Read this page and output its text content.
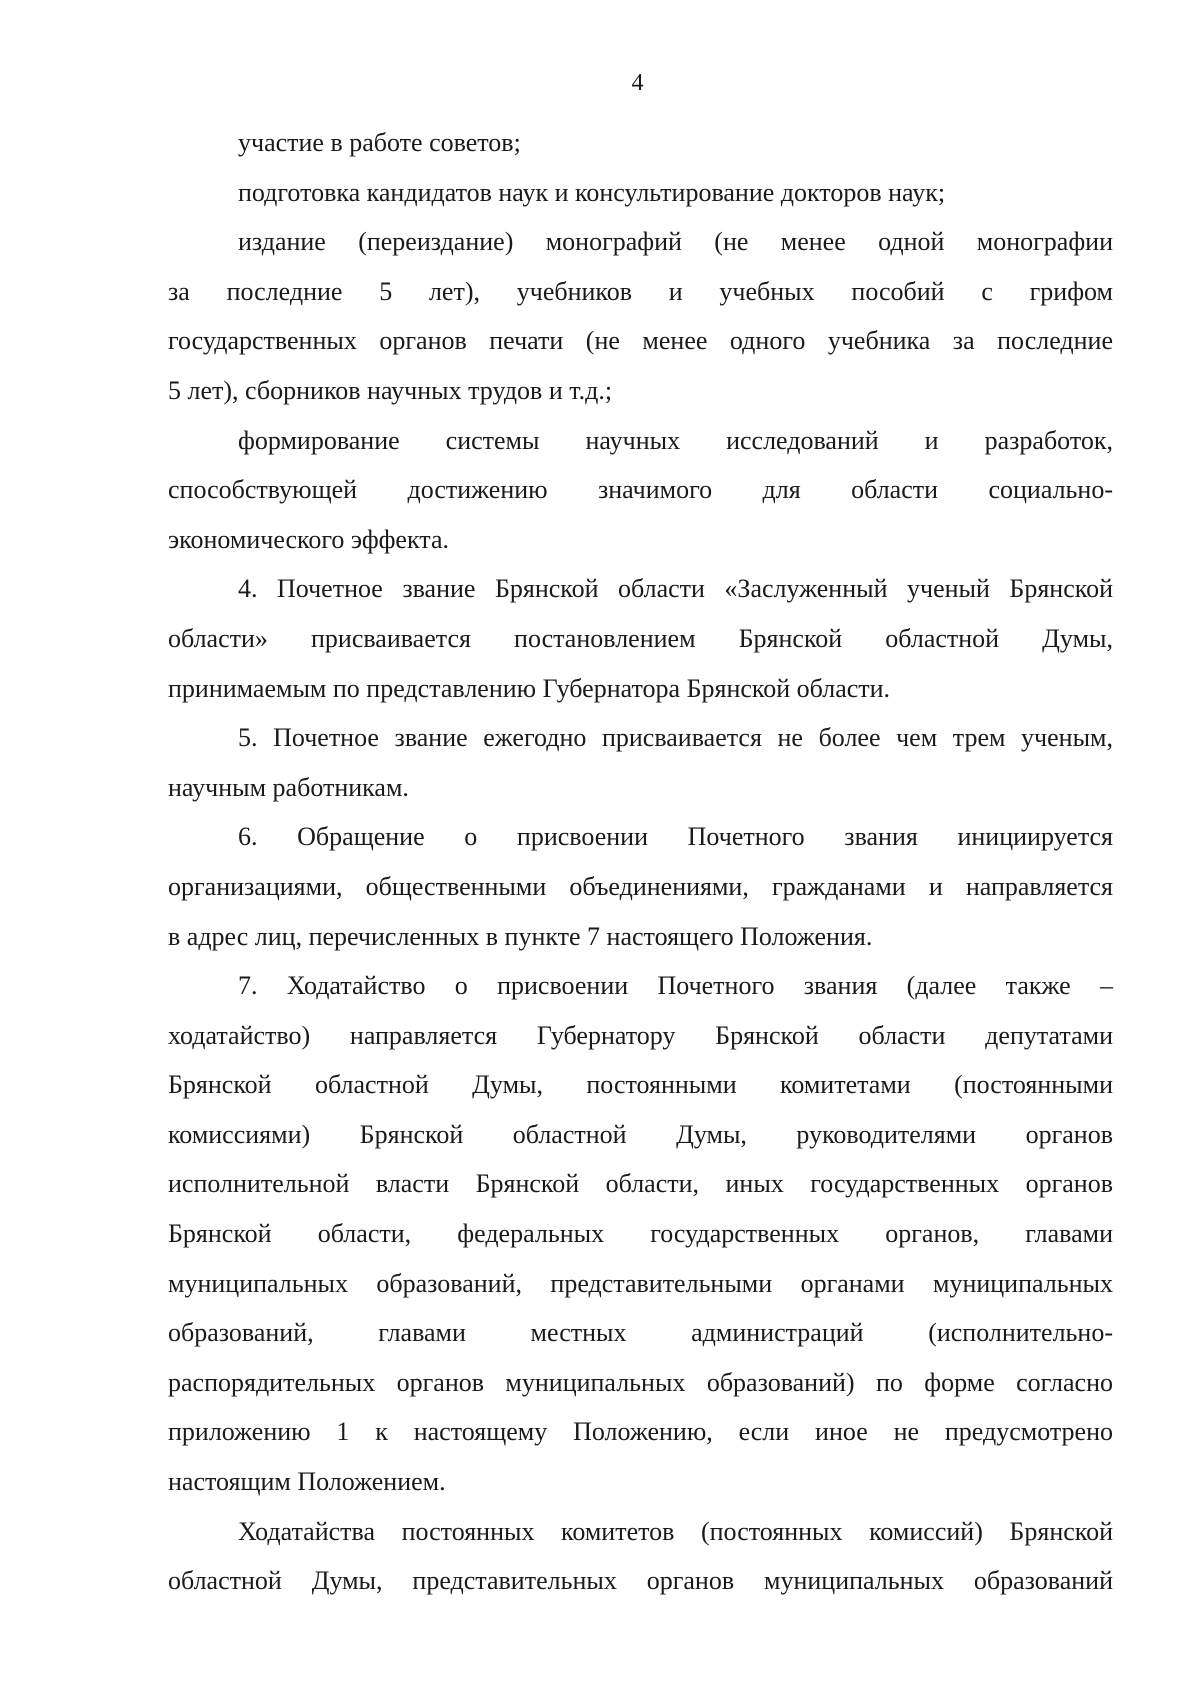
4
участие в работе советов;
подготовка кандидатов наук и консультирование докторов наук;
издание (переиздание) монографий (не менее одной монографии
за последние 5 лет), учебников и учебных пособий с грифом
государственных органов печати (не менее одного учебника за последние
5 лет), сборников научных трудов и т.д.;
формирование системы научных исследований и разработок,
способствующей достижению значимого для области социально-
экономического эффекта.
4. Почетное звание Брянской области «Заслуженный ученый Брянской
области» присваивается постановлением Брянской областной Думы,
принимаемым по представлению Губернатора Брянской области.
5. Почетное звание ежегодно присваивается не более чем трем ученым,
научным работникам.
6. Обращение о присвоении Почетного звания инициируется
организациями, общественными объединениями, гражданами и направляется
в адрес лиц, перечисленных в пункте 7 настоящего Положения.
7. Ходатайство о присвоении Почетного звания (далее также –
ходатайство) направляется Губернатору Брянской области депутатами
Брянской областной Думы, постоянными комитетами (постоянными
комиссиями) Брянской областной Думы, руководителями органов
исполнительной власти Брянской области, иных государственных органов
Брянской области, федеральных государственных органов, главами
муниципальных образований, представительными органами муниципальных
образований, главами местных администраций (исполнительно-
распорядительных органов муниципальных образований) по форме согласно
приложению 1 к настоящему Положению, если иное не предусмотрено
настоящим Положением.
Ходатайства постоянных комитетов (постоянных комиссий) Брянской
областной Думы, представительных органов муниципальных образований
